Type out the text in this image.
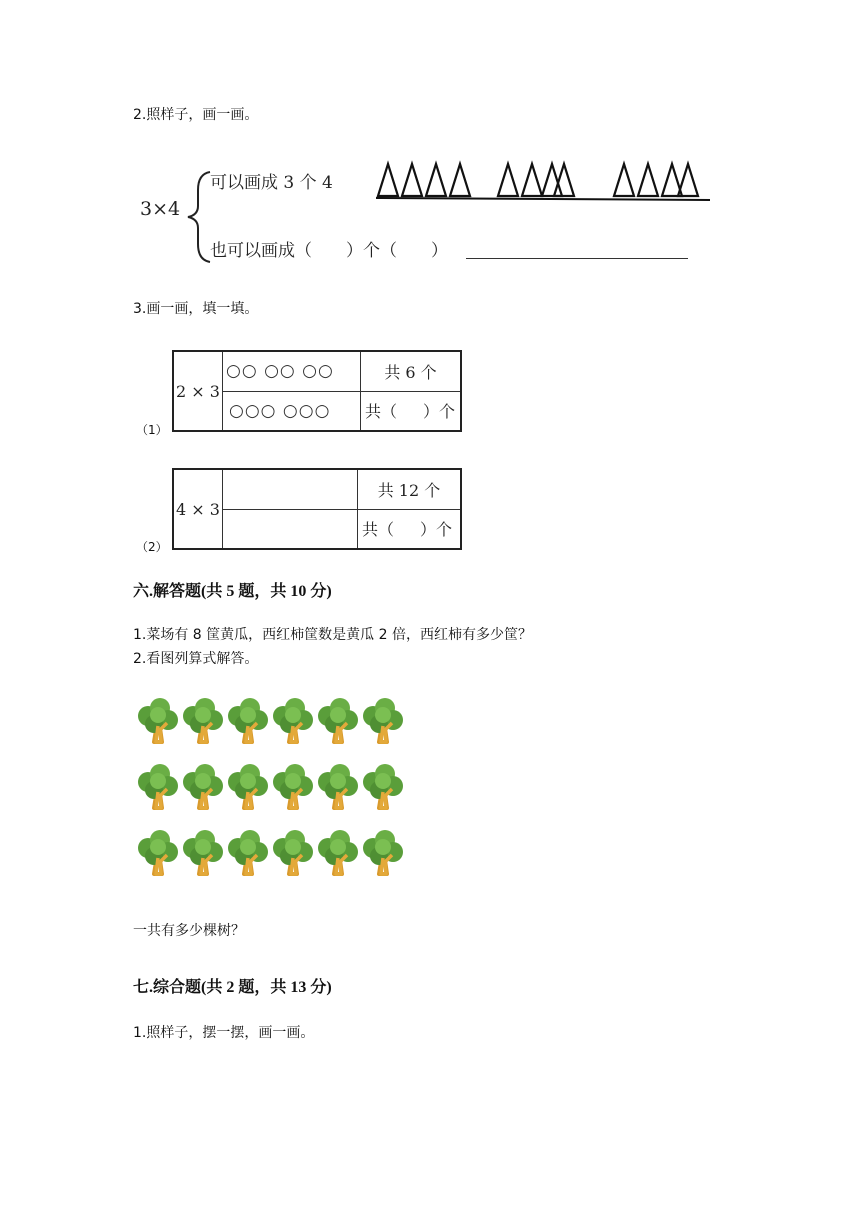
2.照样子，画一画。
3×4
可以画成 3 个 4
也可以画成（ ）个（ ）
3.画一画，填一填。
（1）
2 × 3	○○ ○○ ○○	共 6 个
	○○○ ○○○	共（ ）个
（2）
4 × 3		共 12 个
		共（ ）个
六.解答题(共 5 题，共 10 分)
1.菜场有 8 筐黄瓜，西红柿筐数是黄瓜 2 倍，西红柿有多少筐？
2.看图列算式解答。
一共有多少棵树？
七.综合题(共 2 题，共 13 分)
1.照样子，摆一摆，画一画。
